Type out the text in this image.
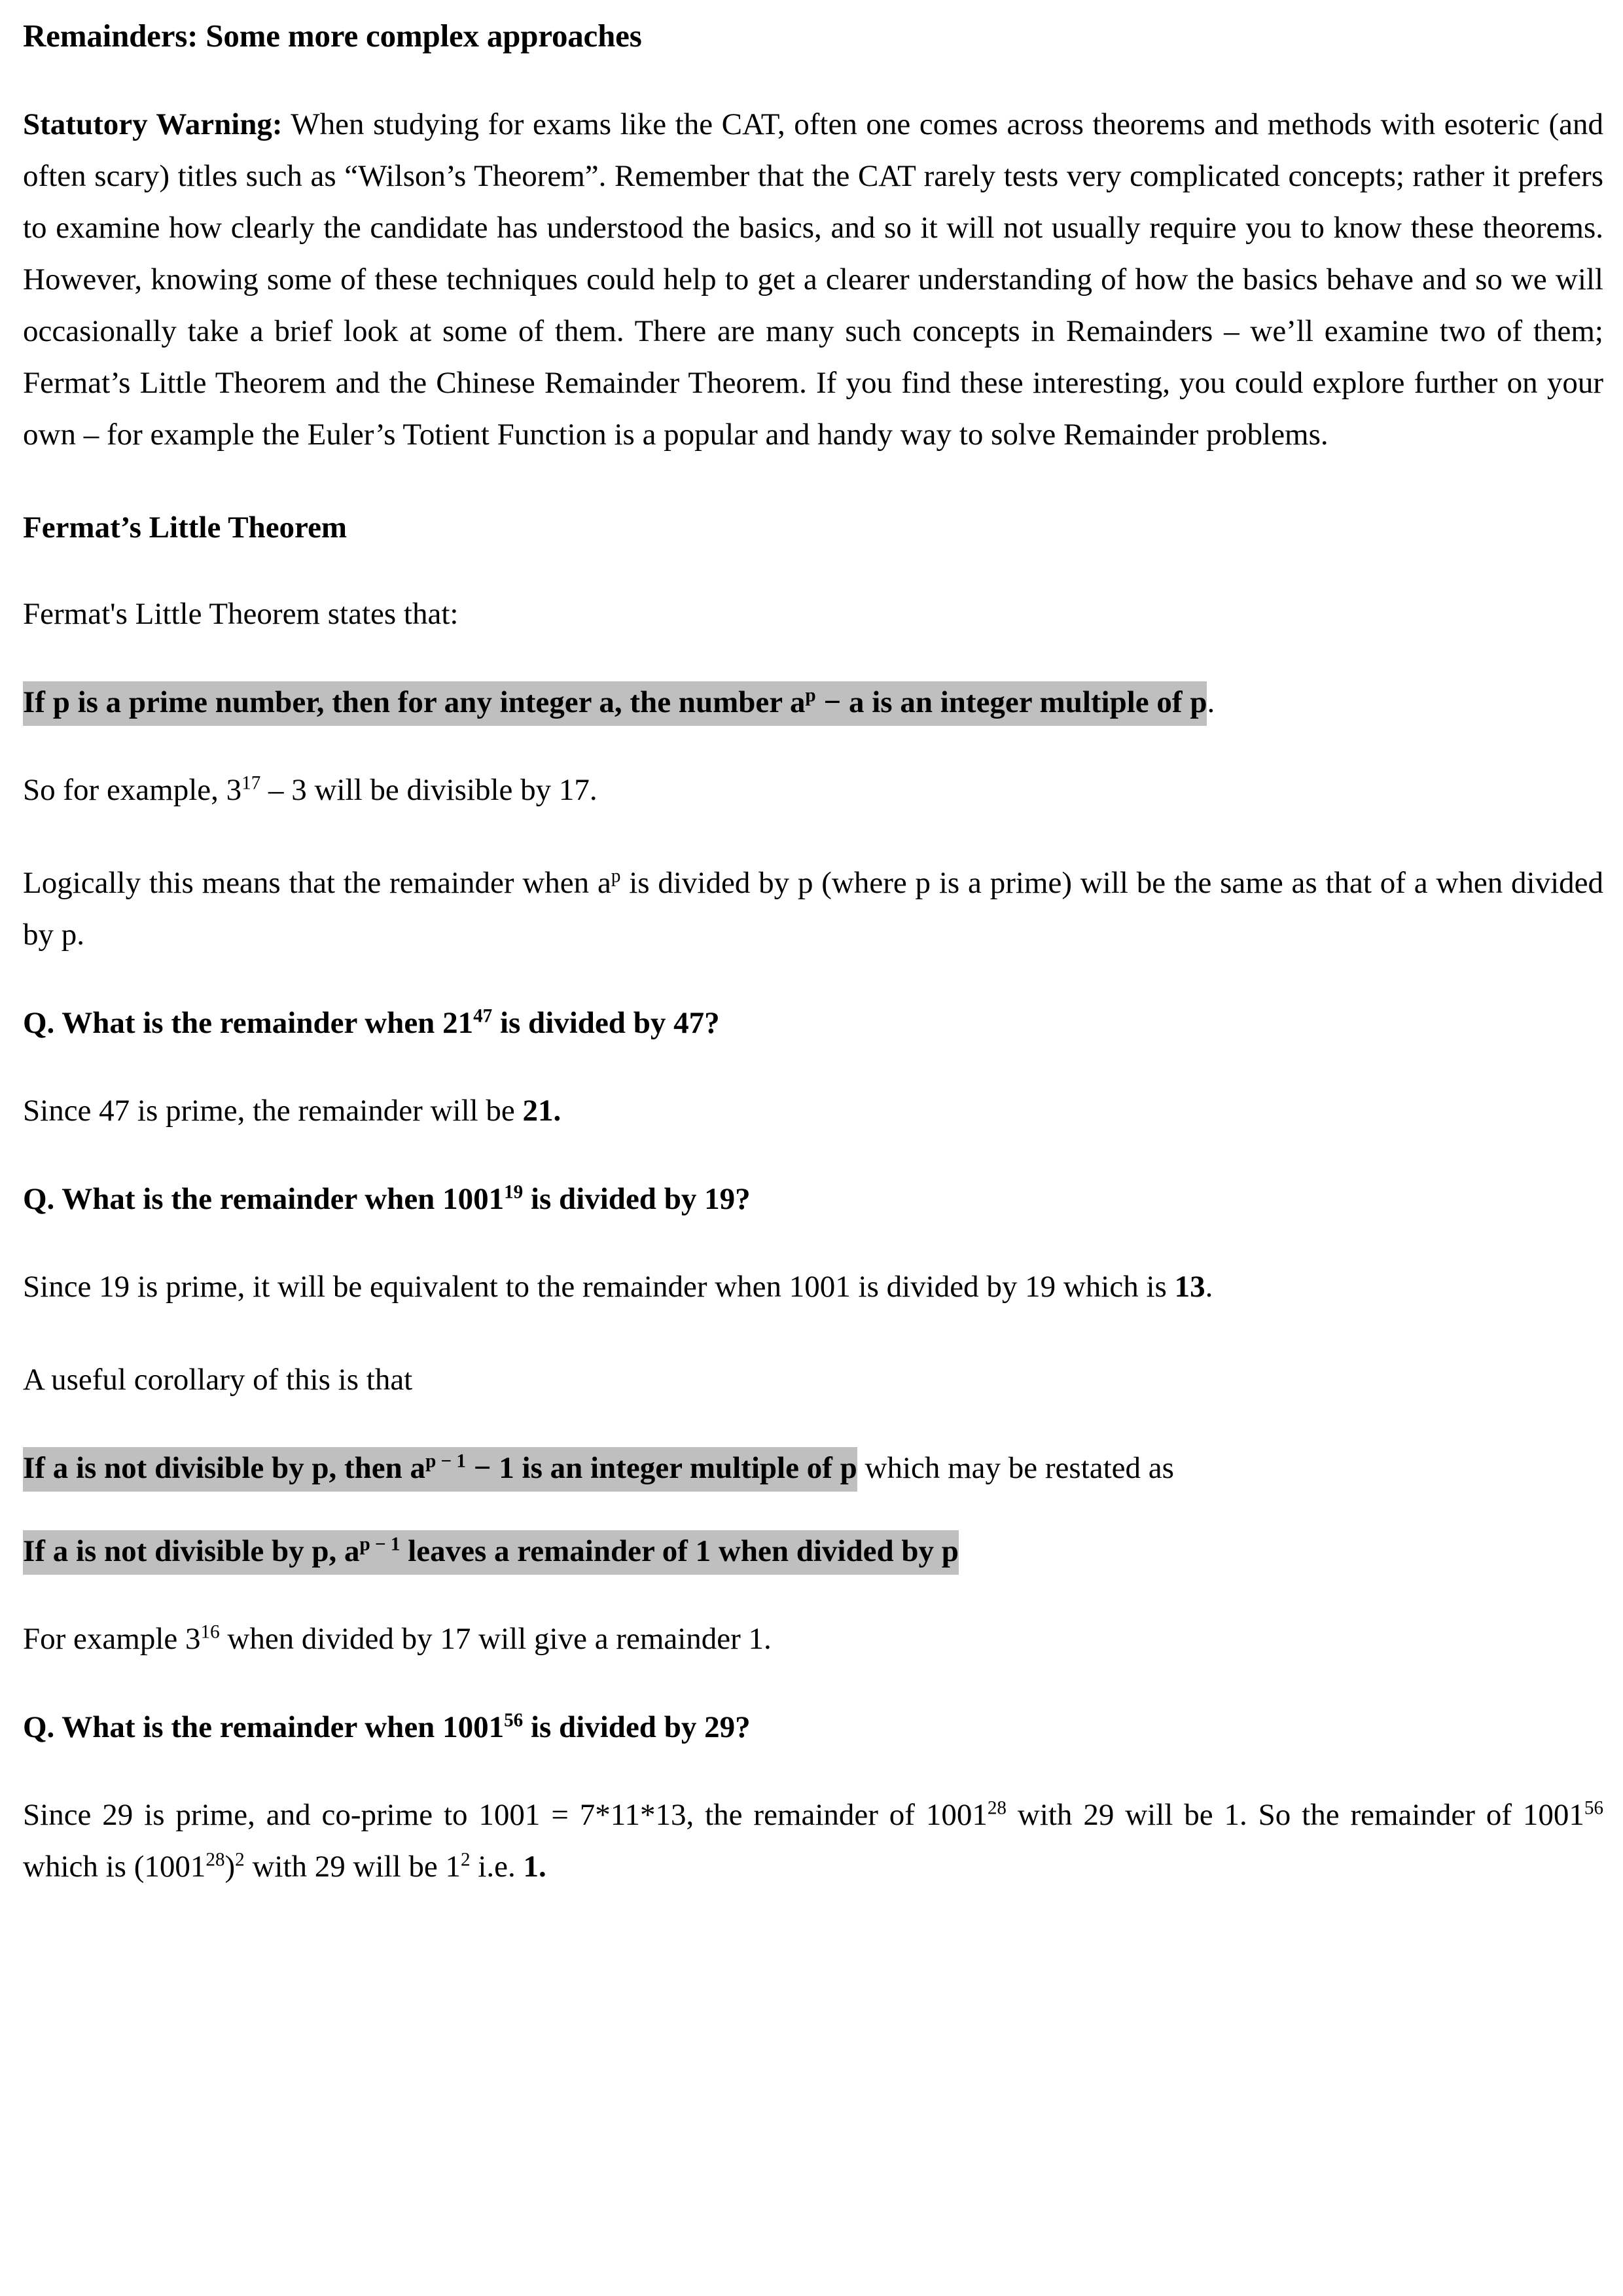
Remainders: Some more complex approaches

Statutory Warning: When studying for exams like the CAT, often one comes across theorems and methods with esoteric (and often scary) titles such as “Wilson’s Theorem”. Remember that the CAT rarely tests very complicated concepts; rather it prefers to examine how clearly the candidate has understood the basics, and so it will not usually require you to know these theorems. However, knowing some of these techniques could help to get a clearer understanding of how the basics behave and so we will occasionally take a brief look at some of them. There are many such concepts in Remainders – we’ll examine two of them; Fermat’s Little Theorem and the Chinese Remainder Theorem. If you find these interesting, you could explore further on your own – for example the Euler’s Totient Function is a popular and handy way to solve Remainder problems.

Fermat’s Little Theorem

Fermat's Little Theorem states that:

If p is a prime number, then for any integer a, the number $a^p - a$ is an integer multiple of p.

So for example, $3^{17} - 3$ will be divisible by 17.

Logically this means that the remainder when $a^p$ is divided by p (where p is a prime) will be the same as that of a when divided by p.

Q. What is the remainder when $21^{47}$ is divided by 47?

Since 47 is prime, the remainder will be 21.

Q. What is the remainder when 1001$^{19}$ is divided by 19?

Since 19 is prime, it will be equivalent to the remainder when 1001 is divided by 19 which is 13.

A useful corollary of this is that

If a is not divisible by p, then $a^{p - 1} - 1$ is an integer multiple of p which may be restated as

If a is not divisible by p, $a^{p - 1}$ leaves a remainder of 1 when divided by p

For example $3^{16}$ when divided by 17 will give a remainder 1.

Q. What is the remainder when 1001$^{56}$ is divided by 29?

Since 29 is prime, and co-prime to 1001 = 7*11*13, the remainder of 1001$^{28}$ with 29 will be 1. So the remainder of 1001$^{56}$ which is $(1001^{28})^2$ with 29 will be $1^2$ i.e. 1.
